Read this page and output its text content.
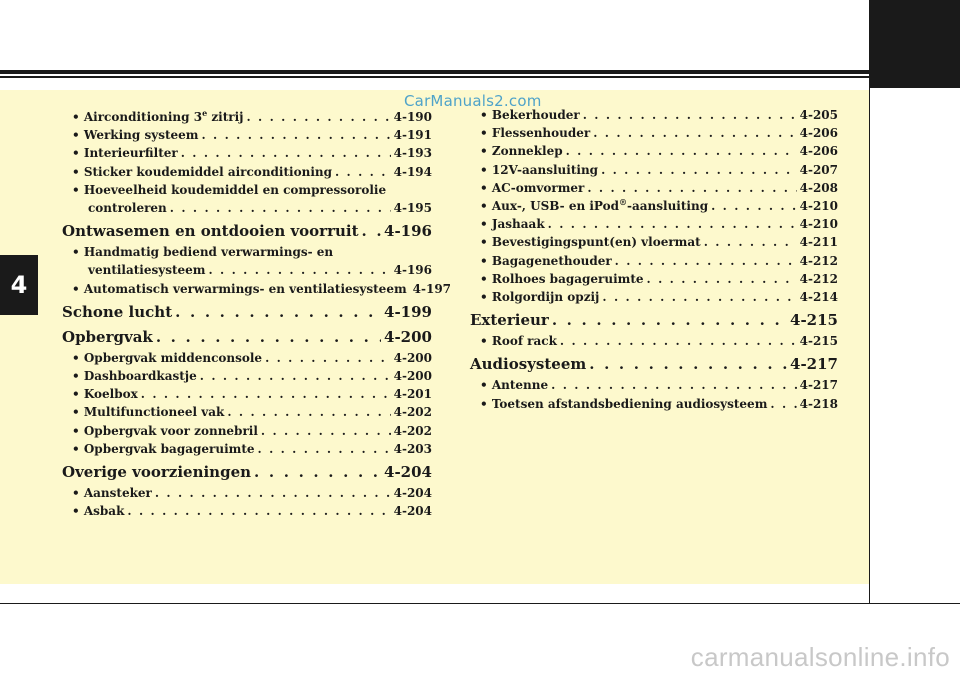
4
CarManuals2.com
• Airconditioning 3e zitrij . . .	4-190
• Werking systeem . . .	4-191
• Interieurfilter . . .	4-193
• Sticker koudemiddel airconditioning . . .	4-194
• Hoeveelheid koudemiddel en compressorolie
controleren . . .	4-195
Ontwasemen en ontdooien voorruit . . . 4-196
• Handmatig bediend verwarmings- en
ventilatiesysteem . . .	4-196
• Automatisch verwarmings- en ventilatiesysteem 4-197
Schone lucht . . .	4-199
Opbergvak . . .	4-200
• Opbergvak middenconsole . . .	4-200
• Dashboardkastje . . .	4-200
• Koelbox . . .	4-201
• Multifunctioneel vak . . .	4-202
• Opbergvak voor zonnebril . . .	4-202
• Opbergvak bagageruimte . . .	4-203
Overige voorzieningen . . .	4-204
• Aansteker . . .	4-204
• Asbak . . .	4-204
• Bekerhouder . . .	4-205
• Flessenhouder . . .	4-206
• Zonneklep . . .	4-206
• 12V-aansluiting . . .	4-207
• AC-omvormer . . .	4-208
• Aux-, USB- en iPod®-aansluiting . . .	4-210
• Jashaak . . .	4-210
• Bevestigingspunt(en) vloermat . . .	4-211
• Bagagenethouder . . .	4-212
• Rolhoes bagageruimte . . .	4-212
• Rolgordijn opzij . . .	4-214
Exterieur . . .	4-215
• Roof rack . . .	4-215
Audiosysteem . . .	4-217
• Antenne . . .	4-217
• Toetsen afstandsbediening audiosysteem . . .	4-218
carmanualsonline.info
